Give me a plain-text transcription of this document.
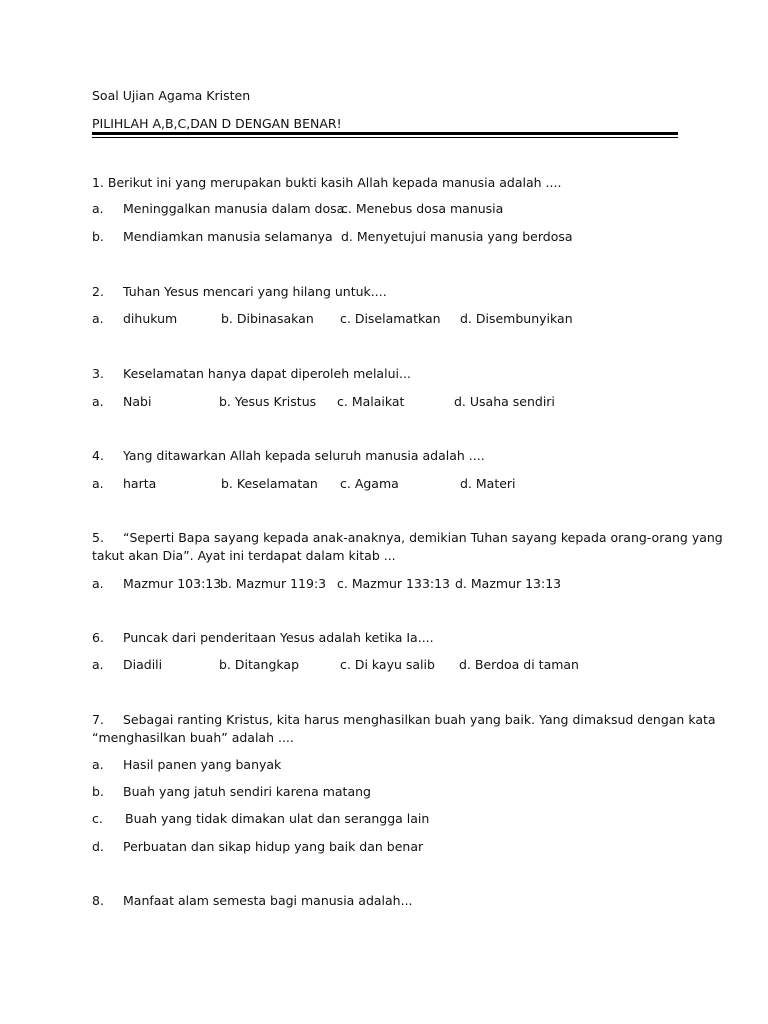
Soal Ujian Agama Kristen
PILIHLAH A,B,C,DAN D DENGAN BENAR!
1. Berikut ini yang merupakan bukti kasih Allah kepada manusia adalah ....
a. Meninggalkan manusia dalam dosa
c. Menebus dosa manusia
b. Mendiamkan manusia selamanya d. Menyetujui manusia yang berdosa
2. Tuhan Yesus mencari yang hilang untuk....
a. dihukum	b. Dibinasakan c. Diselamatkan d. Disembunyikan
3. Keselamatan hanya dapat diperoleh melalui...
a. Nabi	b. Yesus Kristus c. Malaikat	d. Usaha sendiri
4. Yang ditawarkan Allah kepada seluruh manusia adalah ....
a. harta	b. Keselamatan c. Agama	d. Materi
5. “Seperti Bapa sayang kepada anak-anaknya, demikian Tuhan sayang kepada orang-orang yang
takut akan Dia”. Ayat ini terdapat dalam kitab ...
a. Mazmur 103:13
b. Mazmur 119:3 c. Mazmur 133:13 d. Mazmur 13:13
6. Puncak dari penderitaan Yesus adalah ketika Ia....
a. Diadili	b. Ditangkap	c. Di kayu salib d. Berdoa di taman
7. Sebagai ranting Kristus, kita harus menghasilkan buah yang baik. Yang dimaksud dengan kata
“menghasilkan buah” adalah ....
a. Hasil panen yang banyak
b. Buah yang jatuh sendiri karena matang
c. Buah yang tidak dimakan ulat dan serangga lain
d. Perbuatan dan sikap hidup yang baik dan benar
8. Manfaat alam semesta bagi manusia adalah...
